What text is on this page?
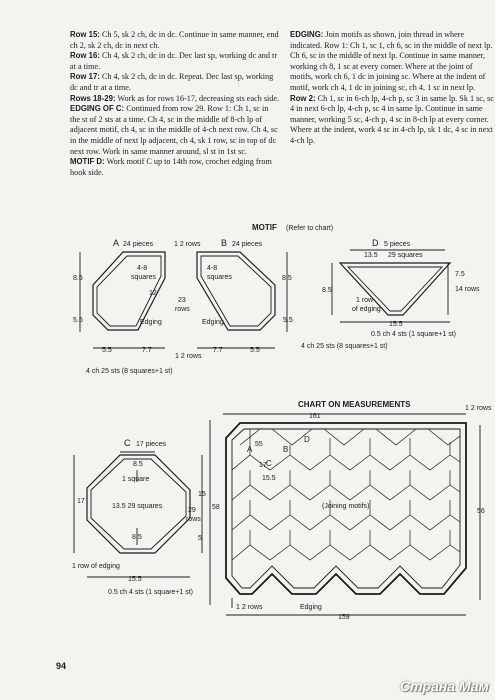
Row 15: Ch 5, sk 2 ch, dc in dc. Continue in same manner, end ch 2, sk 2 ch, dc in next ch.

Row 16: Ch 4, sk 2 ch, dc in dc. Dec last sp, working dc and tr at a time.

Row 17: Ch 4, sk 2 ch, dc in dc. Repeat. Dec last sp, working dc and tr at a time.

Rows 18-29: Work as for rows 16-17, decreasing sts each side.

EDGING OF C: Continued from row 29. Row 1: Ch 1, sc in the st of 2 sts at a time. Ch 4, sc in the middle of 8-ch lp of adjacent motif, ch 4, sc in the middle of 4-ch next row. Ch 4, sc in the middle of next lp adjacent, ch 4, sk 1 row, sc in top of dc next row. Work in same manner around, sl st in 1st sc.

MOTIF D: Work motif C up to 14th row, crochet edging from hook side.

EDGING: Join motifs as shown, join thread in where indicated. Row 1: Ch 1, sc 1, ch 6, sc in the middle of next lp. Ch 6, sc in the middle of next lp. Continue in same manner, working ch 8, 1 sc at every corner. Where at the joint of motifs, work ch 6, 1 dc in joining sc. Where at the indent of motif, work ch 4, 1 dc in joining sc, ch 4, 1 sc in next lp.

Row 2: Ch 1, sc in 6-ch lp, 4-ch p, sc 3 in same lp. Sk 1 sc, sc 4 in next 6-ch lp, 4-ch p, sc 4 in same lp. Continue in same manner, working 5 sc, 4-ch p, 4 sc in 8-ch lp at every corner. Where at the indent, work 4 sc in 4-ch lp, sk 1 dc, 4 sc in next 4-ch lp.

MOTIF (Refer to chart)
A 24 pieces
4-8
squares
12
Edging
8.5
5.5
5.5	7.7
1 2 rows B 24 pieces
4-8
squares
23
rows
Edging
8.5
5.5
7.7	5.5
1 2 rows
4 ch 25 sts (8 squares+1 st)
D 5 pieces
13.5 29 squares
8.5
7.5
14 rows
1 row
of edging
15.5
0.5 ch 4 sts (1 square+1 st)
4 ch 25 sts (8 squares+1 st)
C 17 pieces
8.5
1 square
13.5 29 squares
8.5
17
15
29
rows
5
1 row of edging
15.5
0.5 ch 4 sts (1 square+1 st)
CHART ON MEASUREMENTS	1 2 rows
161
58
56
A	B
C
D
55
17
15.5
(Joining motifs)
1 2 rows	Edging
159
94
Страна Мам
